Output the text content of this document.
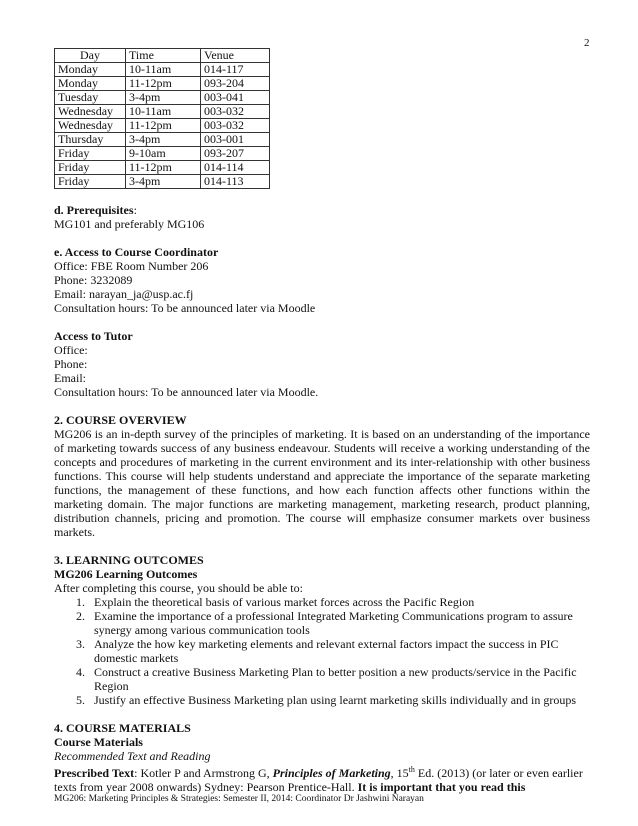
2
Day	Time	Venue
Monday	10-11am	014-117
Monday	11-12pm	093-204
Tuesday	3-4pm	003-041
Wednesday	10-11am	003-032
Wednesday	11-12pm	003-032
Thursday	3-4pm	003-001
Friday	9-10am	093-207
Friday	11-12pm	014-114
Friday	3-4pm	014-113

d. Prerequisites:

MG101 and preferably MG106

e. Access to Course Coordinator

Office: FBE Room Number 206

Phone: 3232089

Email: narayan_ja@usp.ac.fj

Consultation hours: To be announced later via Moodle

Access to Tutor

Office:

Phone:

Email:

Consultation hours: To be announced later via Moodle.

2. COURSE OVERVIEW

MG206 is an in-depth survey of the principles of marketing. It is based on an understanding of the importance of marketing towards success of any business endeavour. Students will receive a working understanding of the concepts and procedures of marketing in the current environment and its inter-relationship with other business functions. This course will help students understand and appreciate the importance of the separate marketing functions, the management of these functions, and how each function affects other functions within the marketing domain. The major functions are marketing management, marketing research, product planning, distribution channels, pricing and promotion. The course will emphasize consumer markets over business markets.

3. LEARNING OUTCOMES

MG206 Learning Outcomes

After completing this course, you should be able to:

1. Explain the theoretical basis of various market forces across the Pacific Region
2. Examine the importance of a professional Integrated Marketing Communications program to assure synergy among various communication tools
3. Analyze the how key marketing elements and relevant external factors impact the success in PIC domestic markets
4. Construct a creative Business Marketing Plan to better position a new products/service in the Pacific Region
5. Justify an effective Business Marketing plan using learnt marketing skills individually and in groups

4. COURSE MATERIALS

Course Materials

Recommended Text and Reading

Prescribed Text: Kotler P and Armstrong G, Principles of Marketing, 15th Ed. (2013) (or later or even earlier texts from year 2008 onwards) Sydney: Pearson Prentice-Hall. It is important that you read this

MG206: Marketing Principles & Strategies: Semester II, 2014: Coordinator Dr Jashwini Narayan
